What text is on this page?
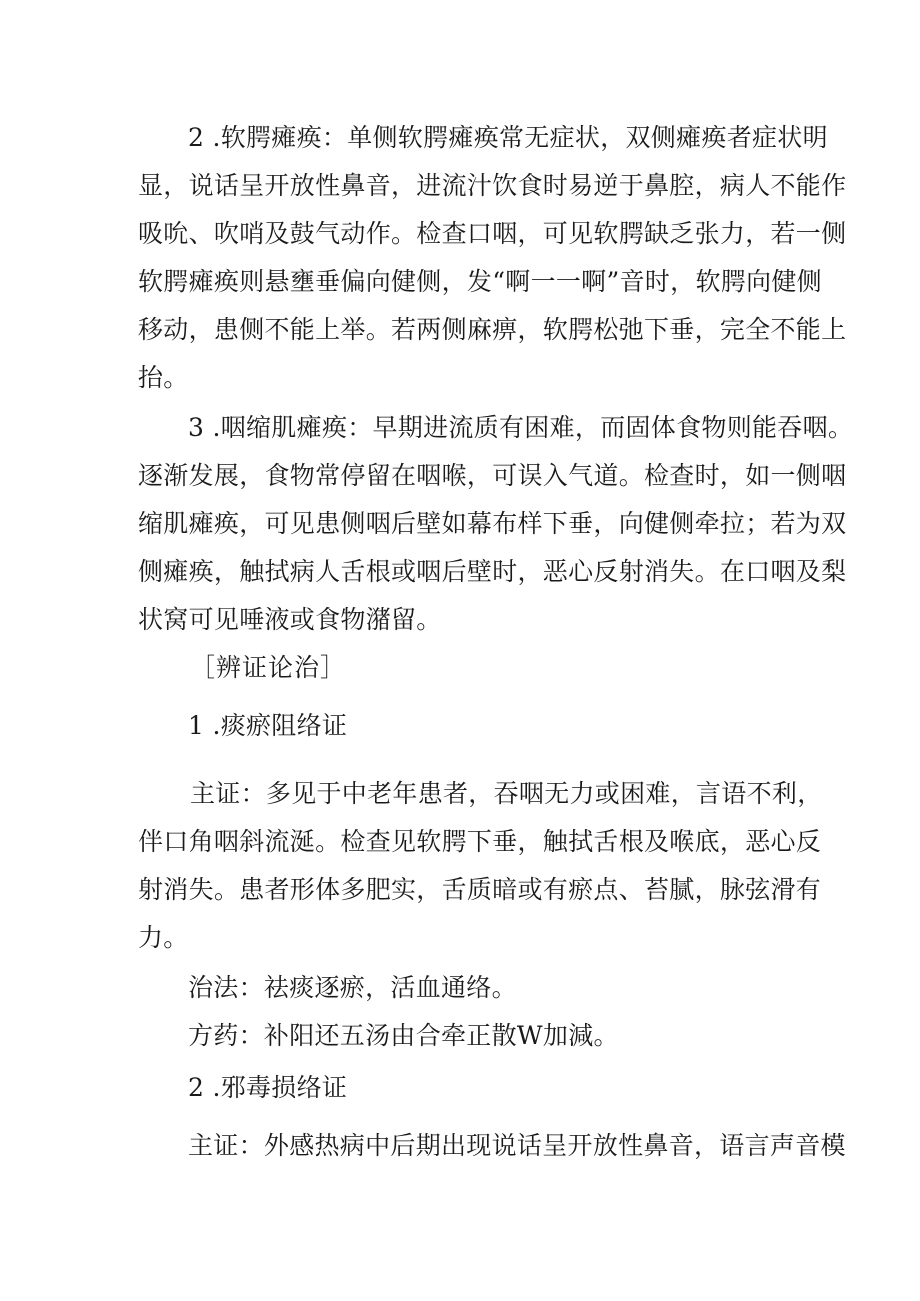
2 .软腭瘫痪：单侧软腭瘫痪常无症状，双侧瘫痪者症状明
显，说话呈开放性鼻音，进流汁饮食时易逆于鼻腔，病人不能作
吸吮、吹哨及鼓气动作。检查口咽，可见软腭缺乏张力，若一侧
软腭瘫痪则悬壅垂偏向健侧，发“啊一一啊”音时，软腭向健侧
移动，患侧不能上举。若两侧麻痹，软腭松弛下垂，完全不能上
抬。
3 .咽缩肌瘫痪：早期进流质有困难，而固体食物则能吞咽。
逐渐发展，食物常停留在咽喉，可误入气道。检查时，如一侧咽
缩肌瘫痪，可见患侧咽后壁如幕布样下垂，向健侧牵拉；若为双
侧瘫痪，触拭病人舌根或咽后壁时，恶心反射消失。在口咽及梨
状窝可见唾液或食物潴留。
［辨证论治］
1 .痰瘀阻络证
主证：多见于中老年患者，吞咽无力或困难，言语不利，
伴口角咽斜流涎。检查见软腭下垂，触拭舌根及喉底，恶心反
射消失。患者形体多肥实，舌质暗或有瘀点、苔腻，脉弦滑有
力。
治法：祛痰逐瘀，活血通络。
方药：补阳还五汤由合牵正散W加減。
2 .邪毒损络证
主证：外感热病中后期出现说话呈开放性鼻音，语言声音模
